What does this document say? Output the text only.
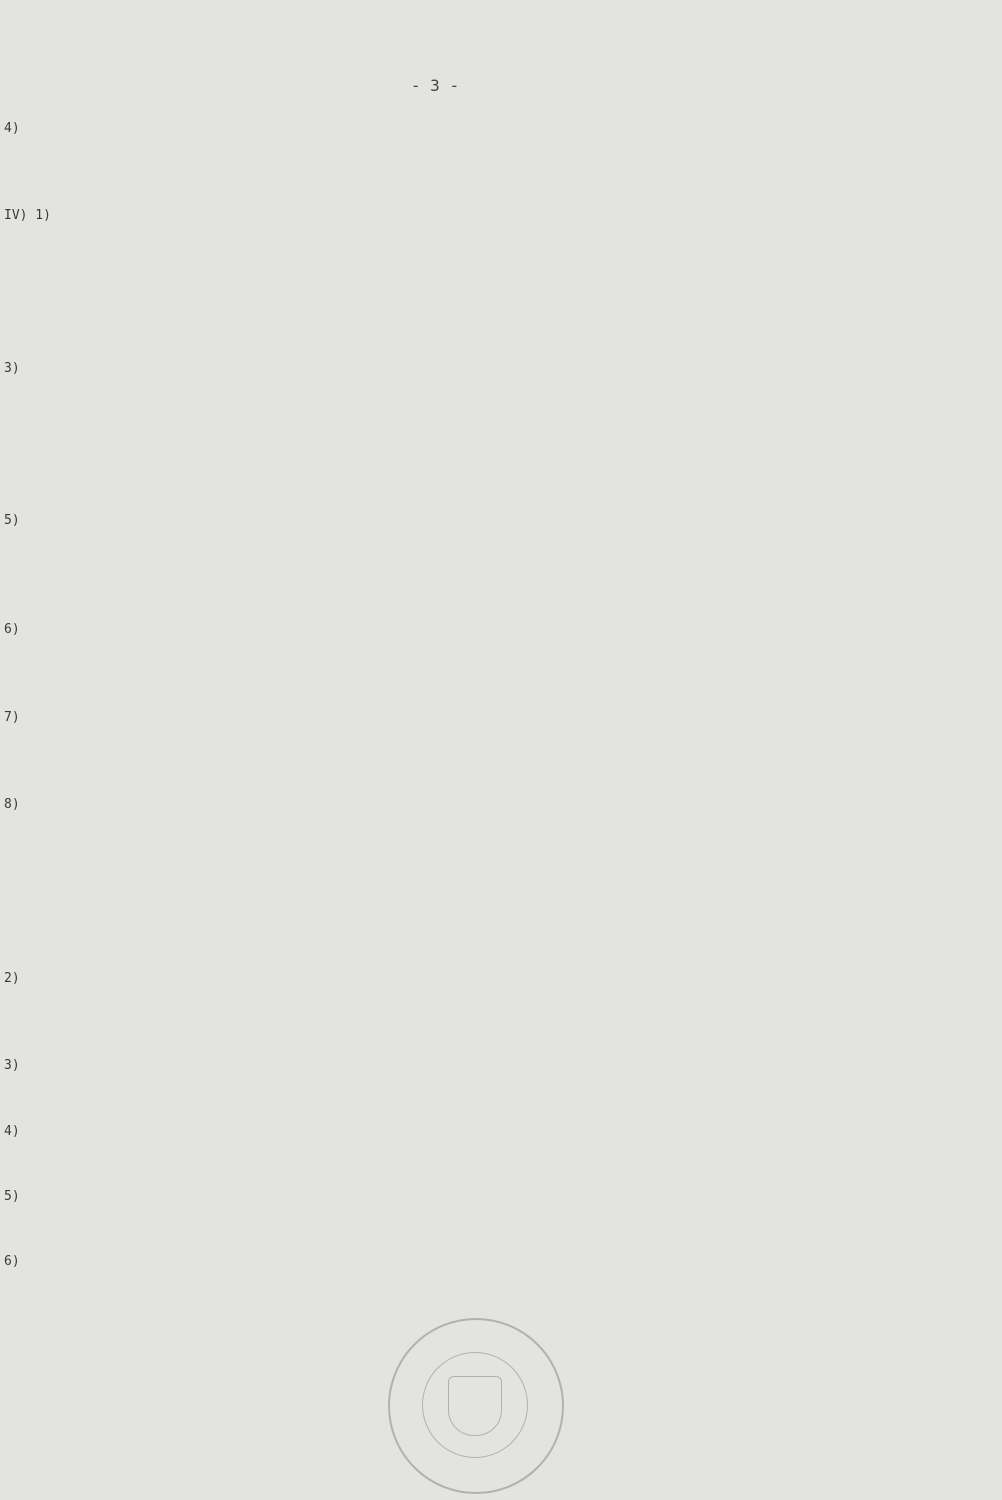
- 3 -
4)
IV) 1)
3)
5)
6)
7)
8)
2)
3)
4)
5)
6)
